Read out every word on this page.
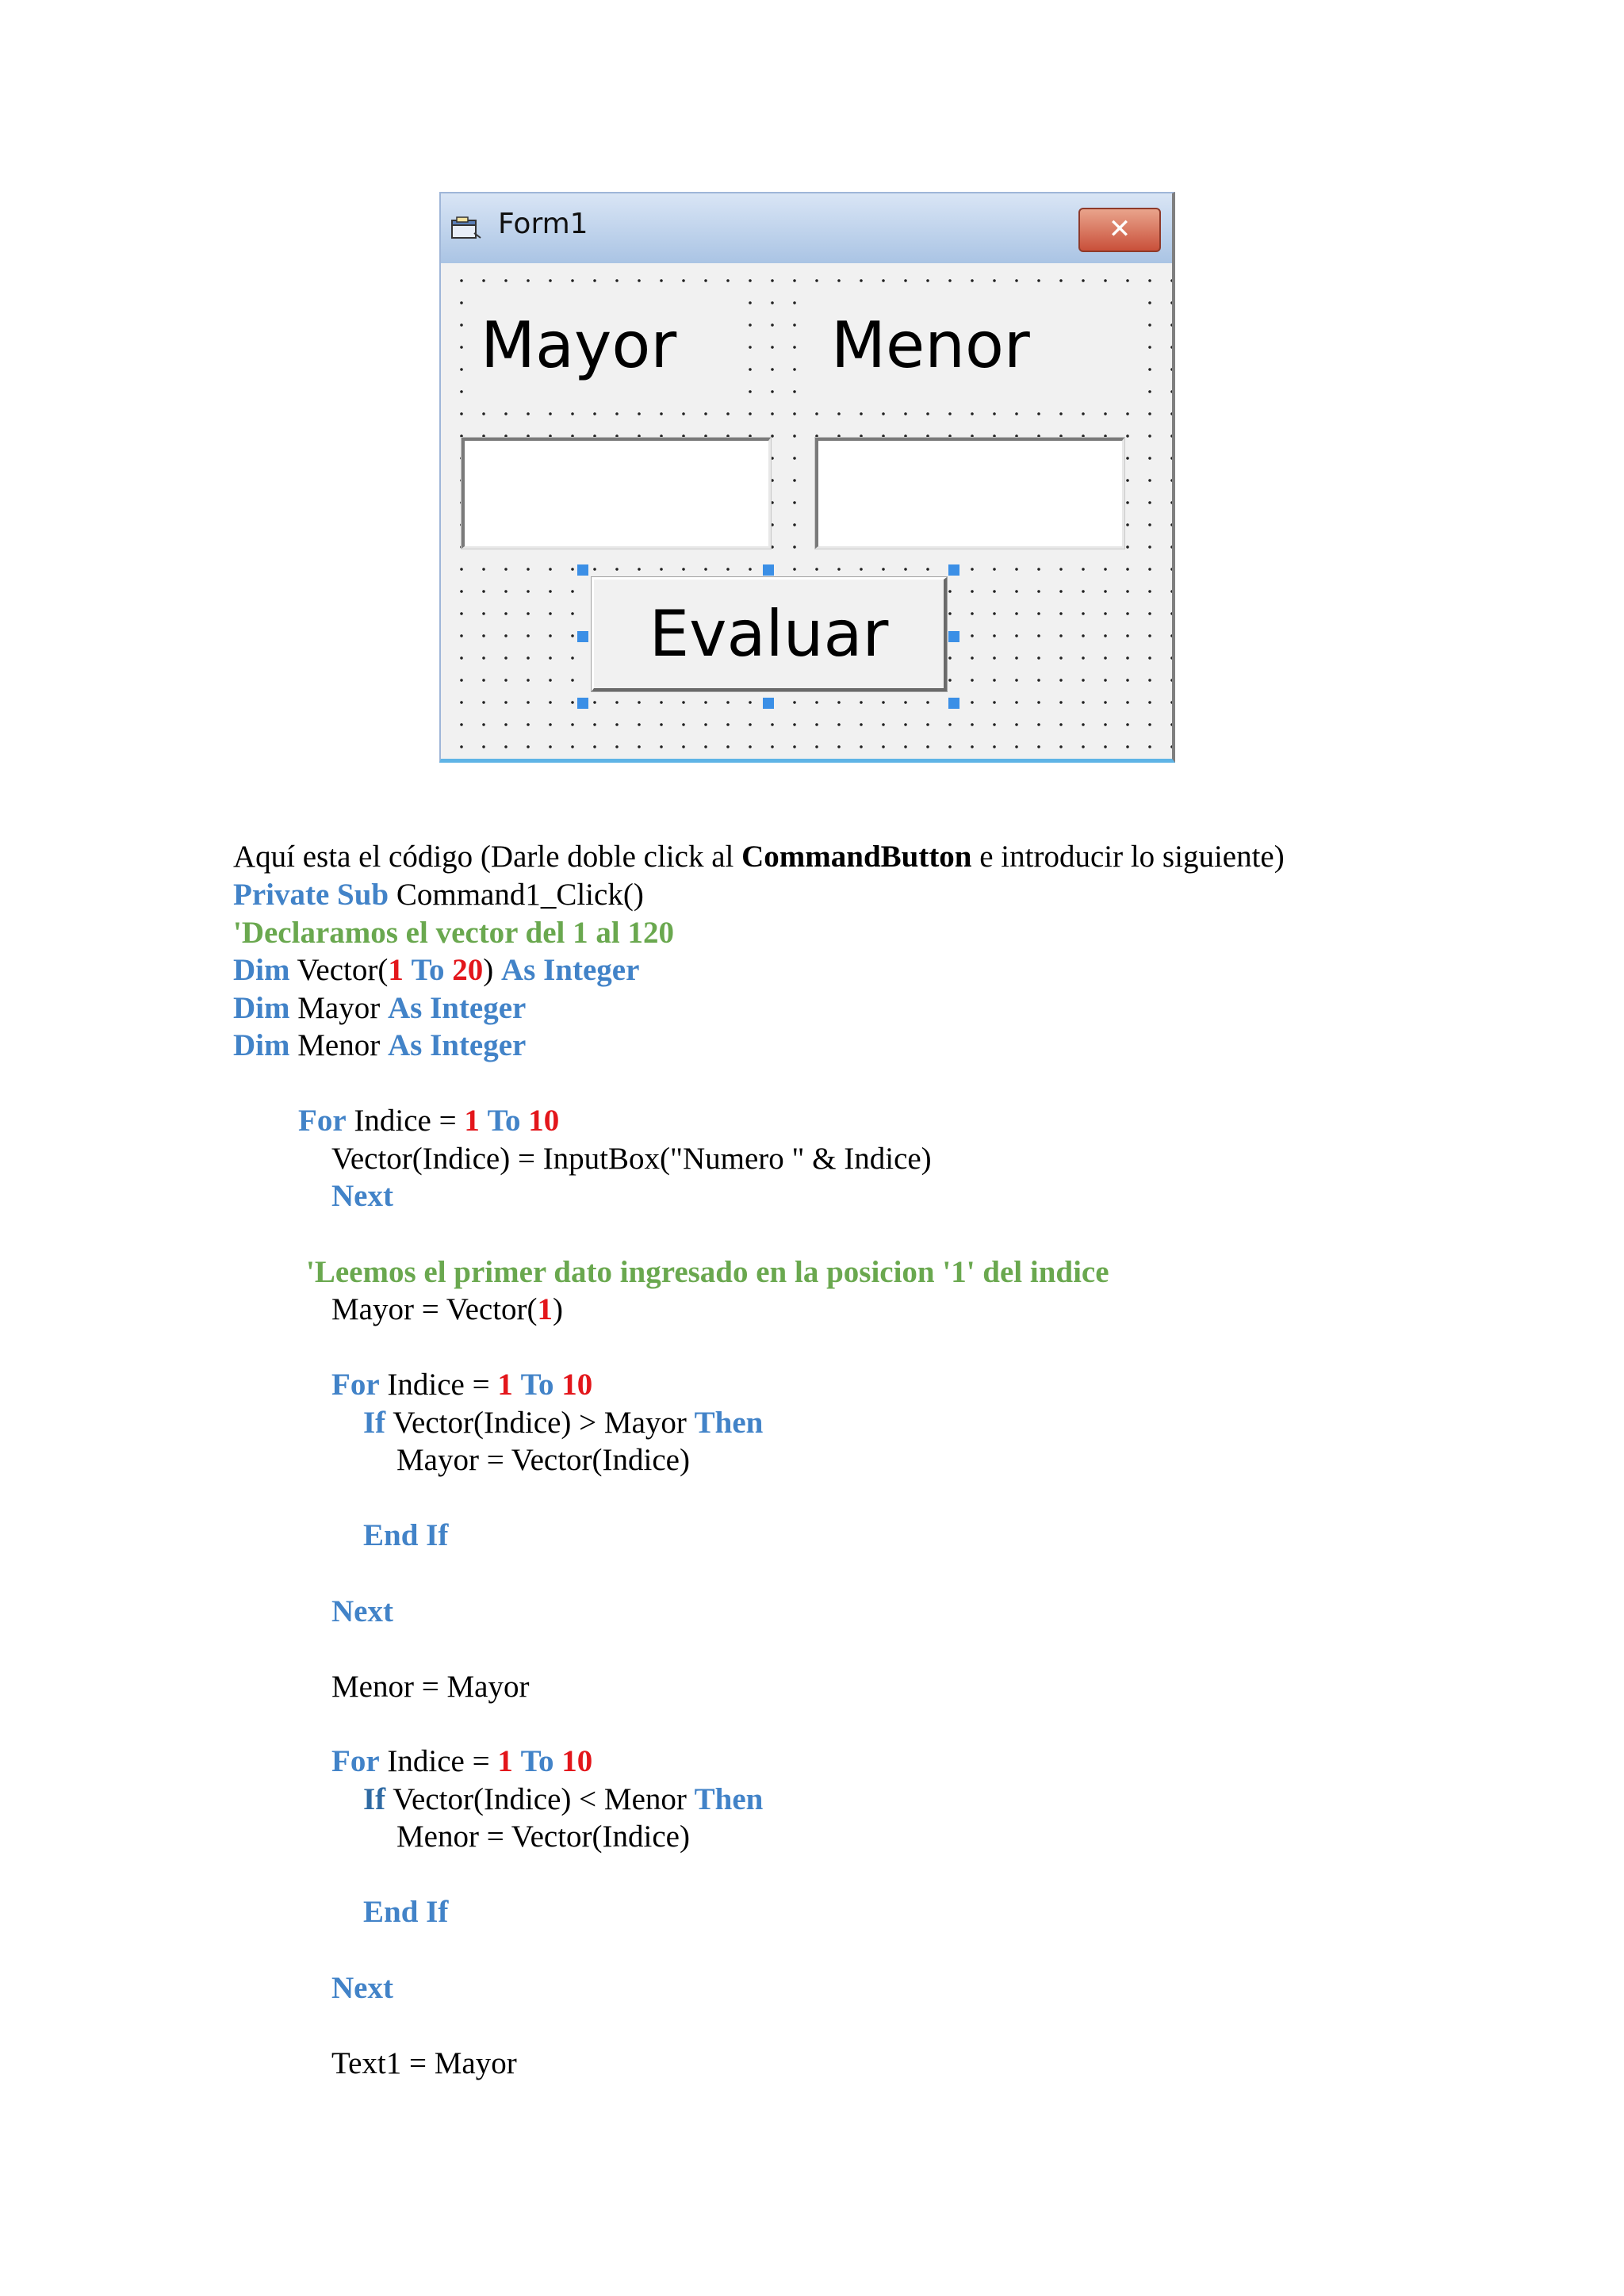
Form1	✕
Mayor	Menor
Evaluar
Aquí esta el código (Darle doble click al CommandButton e introducir lo siguiente)
Private Sub Command1_Click()
'Declaramos el vector del 1 al 120
Dim Vector(1 To 20) As Integer
Dim Mayor As Integer
Dim Menor As Integer
For Indice = 1 To 10
Vector(Indice) = InputBox("Numero " & Indice)
Next
'Leemos el primer dato ingresado en la posicion '1' del indice
Mayor = Vector(1)
For Indice = 1 To 10
If Vector(Indice) > Mayor Then
Mayor = Vector(Indice)
End If
Next
Menor = Mayor
For Indice = 1 To 10
If Vector(Indice) < Menor Then
Menor = Vector(Indice)
End If
Next
Text1 = Mayor
